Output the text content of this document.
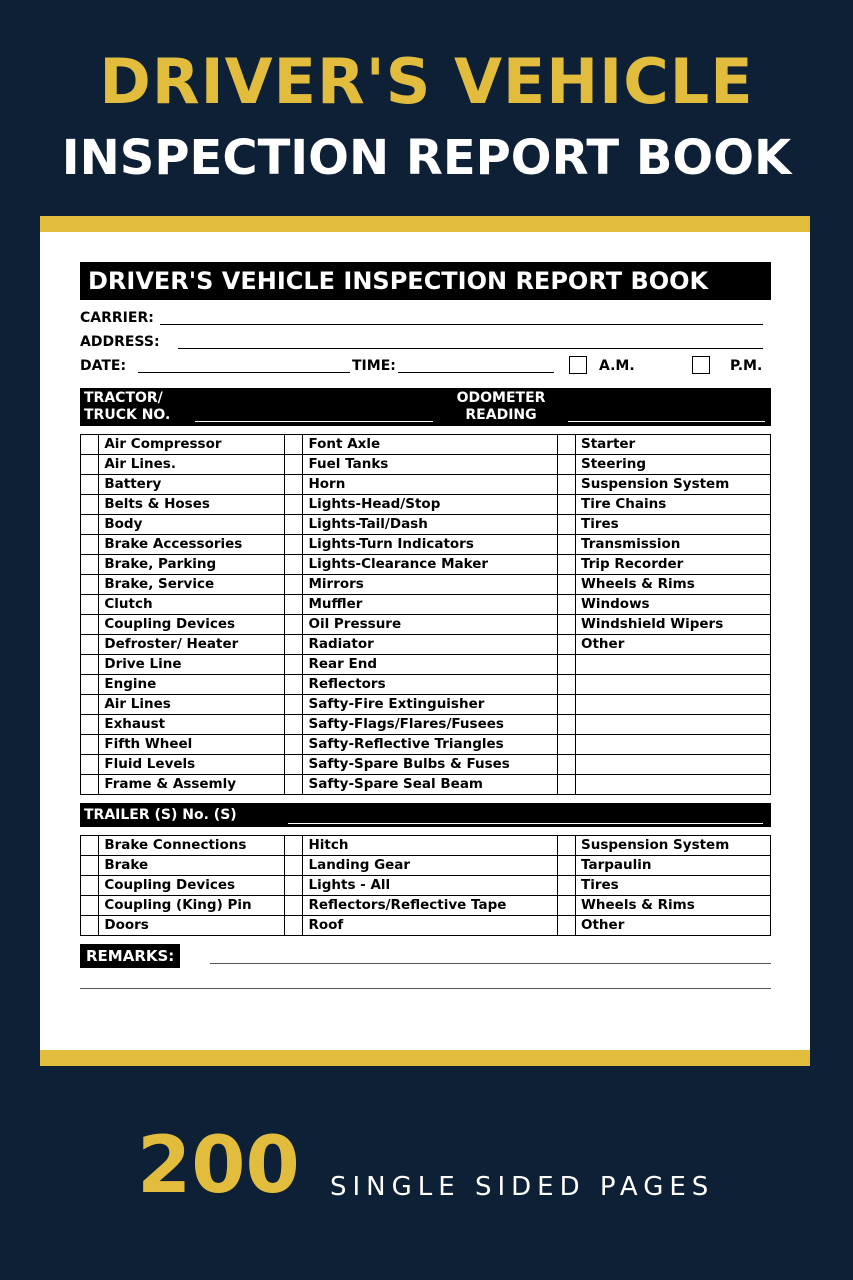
DRIVER'S VEHICLE
INSPECTION REPORT BOOK
DRIVER'S VEHICLE INSPECTION REPORT BOOK
CARRIER:
ADDRESS:
DATE:	TIME:	A.M.	P.M.
TRACTOR/
TRUCK NO.
ODOMETER
READING
	Air Compressor		Font Axle		Starter
	Air Lines.		Fuel Tanks		Steering
	Battery		Horn		Suspension System
	Belts & Hoses		Lights-Head/Stop		Tire Chains
	Body		Lights-Tail/Dash		Tires
	Brake Accessories		Lights-Turn Indicators		Transmission
	Brake, Parking		Lights-Clearance Maker		Trip Recorder
	Brake, Service		Mirrors		Wheels & Rims
	Clutch		Muffler		Windows
	Coupling Devices		Oil Pressure		Windshield Wipers
	Defroster/ Heater		Radiator		Other
	Drive Line		Rear End		
	Engine		Reflectors		
	Air Lines		Safty-Fire Extinguisher		
	Exhaust		Safty-Flags/Flares/Fusees		
	Fifth Wheel		Safty-Reflective Triangles		
	Fluid Levels		Safty-Spare Bulbs & Fuses		
	Frame & Assemly		Safty-Spare Seal Beam		
TRAILER (S) No. (S)
	Brake Connections		Hitch		Suspension System
	Brake		Landing Gear		Tarpaulin
	Coupling Devices		Lights - All		Tires
	Coupling (King) Pin		Reflectors/Reflective Tape		Wheels & Rims
	Doors		Roof		Other
REMARKS:
200 SINGLE SIDED PAGES
